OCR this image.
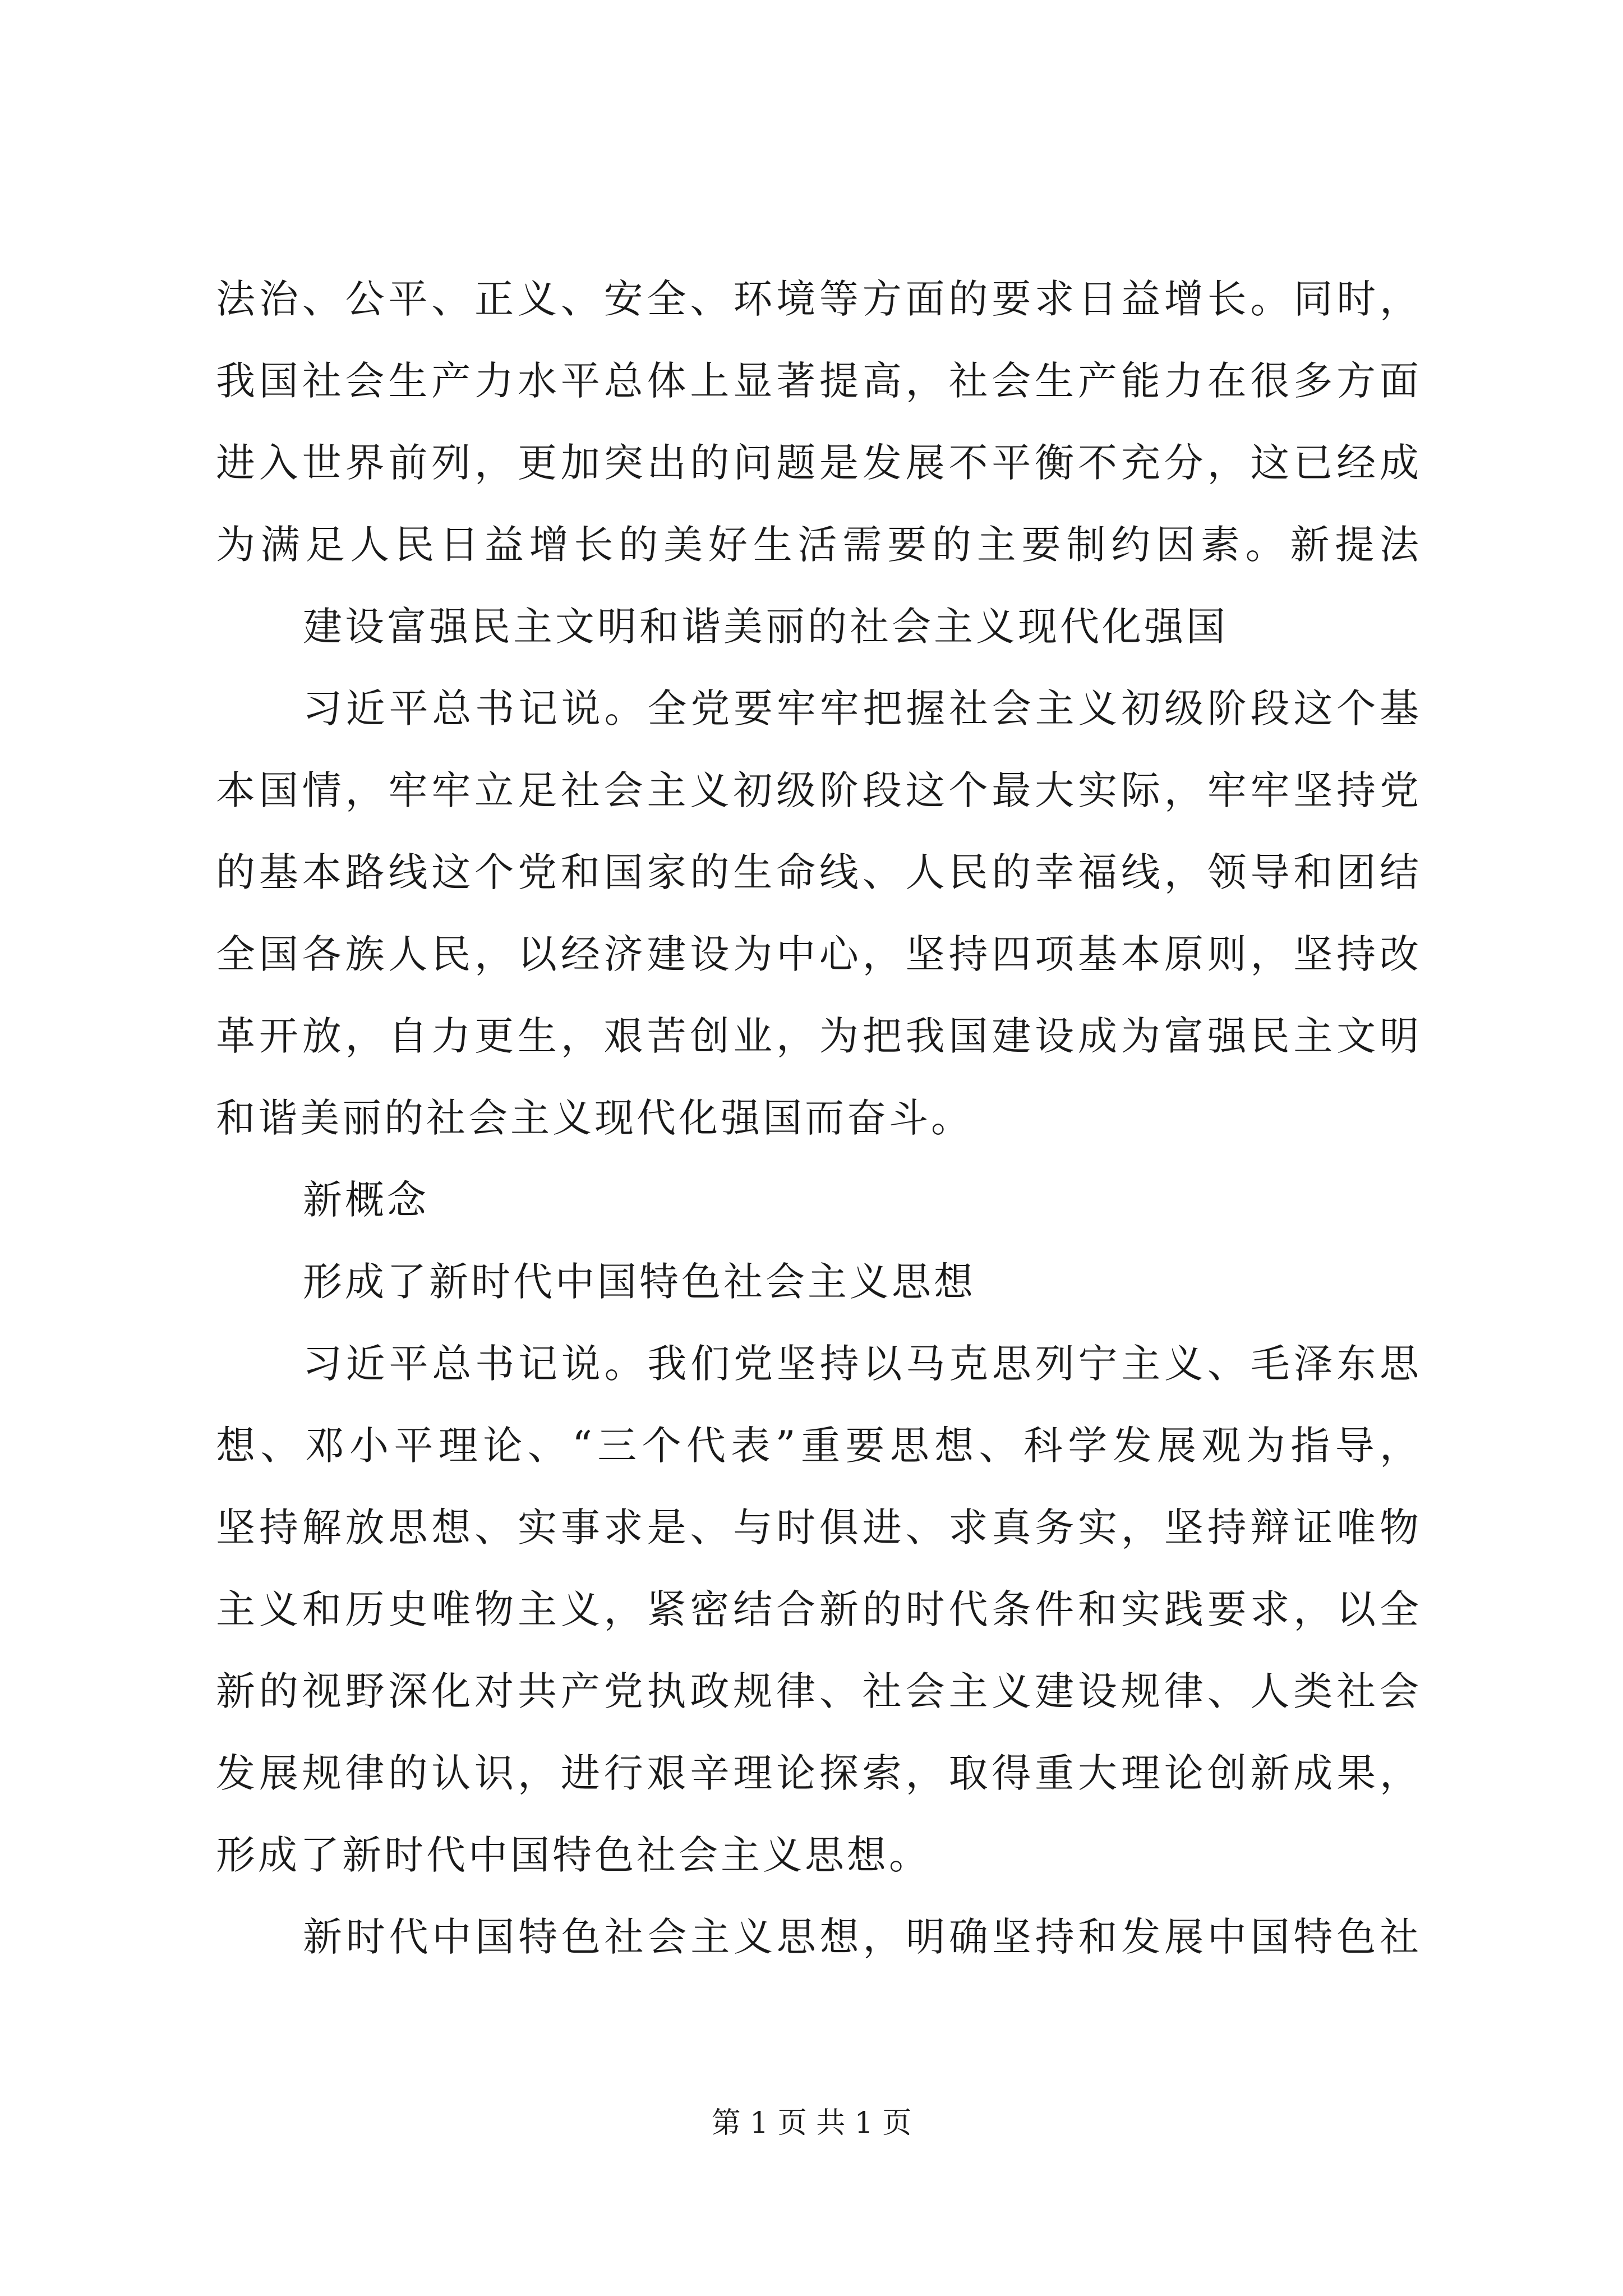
法治、公平、正义、安全、环境等方面的要求日益增长。同时，
我国社会生产力水平总体上显著提高，社会生产能力在很多方面
进入世界前列，更加突出的问题是发展不平衡不充分，这已经成
为满足人民日益增长的美好生活需要的主要制约因素。新提法
建设富强民主文明和谐美丽的社会主义现代化强国
习近平总书记说。全党要牢牢把握社会主义初级阶段这个基
本国情，牢牢立足社会主义初级阶段这个最大实际，牢牢坚持党
的基本路线这个党和国家的生命线、人民的幸福线，领导和团结
全国各族人民，以经济建设为中心，坚持四项基本原则，坚持改
革开放，自力更生，艰苦创业，为把我国建设成为富强民主文明
和谐美丽的社会主义现代化强国而奋斗。
新概念
形成了新时代中国特色社会主义思想
习近平总书记说。我们党坚持以马克思列宁主义、毛泽东思
想、邓小平理论、“三个代表”重要思想、科学发展观为指导，
坚持解放思想、实事求是、与时俱进、求真务实，坚持辩证唯物
主义和历史唯物主义，紧密结合新的时代条件和实践要求，以全
新的视野深化对共产党执政规律、社会主义建设规律、人类社会
发展规律的认识，进行艰辛理论探索，取得重大理论创新成果，
形成了新时代中国特色社会主义思想。
新时代中国特色社会主义思想，明确坚持和发展中国特色社
第 1 页 共 1 页
